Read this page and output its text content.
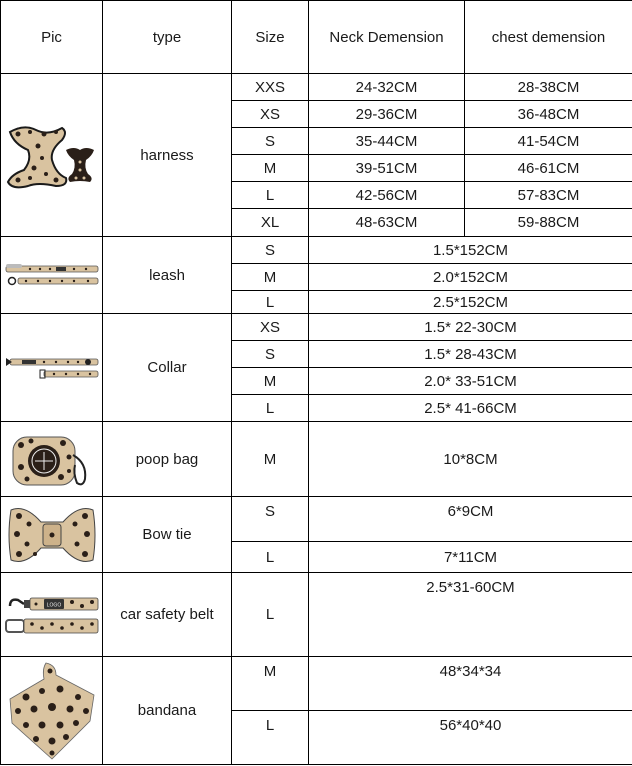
Pic	type	Size	Neck Demension	chest demension

	harness	XXS	24-32CM	28-38CM
		XS	29-36CM	36-48CM
		S	35-44CM	41-54CM
		M	39-51CM	46-61CM
		L	42-56CM	57-83CM
		XL	48-63CM	59-88CM

	leash	S	1.5*152CM	
		M	2.0*152CM	
		L	2.5*152CM	

	Collar	XS	1.5* 22-30CM	
		S	1.5* 28-43CM	
		M	2.0* 33-51CM	
		L	2.5* 41-66CM	

	poop bag	M	10*8CM	

	Bow tie	S	6*9CM	
		L	7*11CM	

LOGO	car safety belt	L	2.5*31-60CM	

	bandana	M	48*34*34	
		L	56*40*40	
